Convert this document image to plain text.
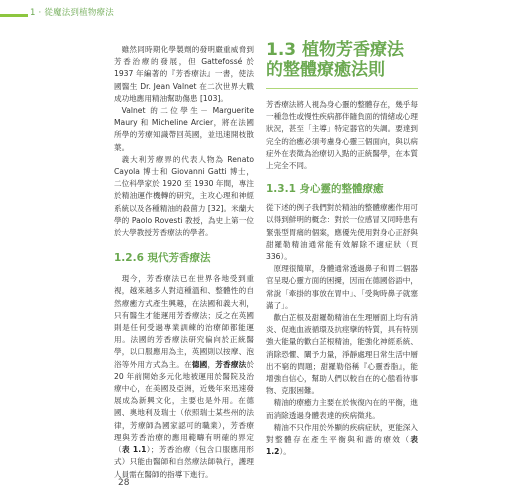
1 · 從魔法到植物療法

雖然同時期化學製劑的發明嚴重威脅到芳香治療的發展，但 Gattefossé 於 1937 年編著的『芳香療法』一書，使法國醫生 Dr. Jean Valnet 在二次世界大戰成功地應用精油幫助傷患 [103]。

Valnet 的二位學生－ Marguerite Maury 和 Micheline Arcier，將在法國所學的芳療知識帶回英國，並迅速開枝散葉。

義大利芳療界的代表人物為 Renato Cayola 博士和 Giovanni Gatti 博士，二位科學家於 1920 至 1930 年間，專注於精油運作機轉的研究，主攻心理和神經系統以及各種精油的殺菌力 [32]。米蘭大學的 Paolo Rovesti 教授，為史上第一位於大學教授芳香療法的學者。

1.2.6 現代芳香療法

現今，芳香療法已在世界各地受到重視，越來越多人對這種溫和、整體性的自然療癒方式產生興趣，在法國和義大利，只有醫生才能運用芳香療法；反之在英國則是任何受過專業訓練的治療師都能運用。法國的芳香療法研究偏向於正統醫學，以口服應用為主，英國則以按摩、泡浴等外用方式為主。在德國，芳香療法於 20 年前開始多元化地被運用於醫院及治療中心，在美國及亞洲，近幾年來迅速發展成為新興文化，主要也是外用。在德國、奧地利及瑞士（依照瑞士某些州的法律，芳療師為國家認可的職業），芳香療理與芳香治療的應用範疇有明確的界定（表 1.1）；芳香治療（包含口服應用形式）只能由醫師和自然療法師執行，護理人員需在醫師的指導下進行。

1.3 植物芳香療法的整體療癒法則

芳香療法將人視為身心靈的整體存在，幾乎每一種急性或慢性疾病都伴隨負面的情緒或心理狀況，甚至「主導」特定器官的失調。要達到完全的治癒必須考慮身心靈三個面向，與以病症外在表徵為治療切入點的正統醫學，在本質上完全不同。

1.3.1 身心靈的整體療癒

從下述的例子我們對於精油的整體療癒作用可以得到鮮明的概念：對於一位感冒又同時患有緊張型胃痛的個案，應優先使用對身心正舒與甜羅勒精油通常能有效解除不適症狀（頁 336）。

原理很簡單，身體通常透過鼻子和胃二個器官呈現心靈方面的困擾，因而在德國俗語中，常說「牽掛的事放在胃中」、「受夠時鼻子就塞滿了」。

歡白芷根及甜羅勒精油在生理層面上均有消炎、促進血液循環及抗痙攣的特質，具有特別強大能量的歡白芷根精油，能強化神經系統、消除恐懼、闡予力量，淨靜處理日常生活中層出不窮的問題；甜羅勒俗稱『心靈香脂』，能增強自信心，幫助人們以較自在的心態看待事物、克服困難。

精油的療癒力主要在於恢復內在的平衡，進而消除透過身體表達的疾病徵兆。

精油不只作用於外顯的疾病症狀，更能深入對整體存在產生平衡與和諧的療效（表 1.2）。

28
